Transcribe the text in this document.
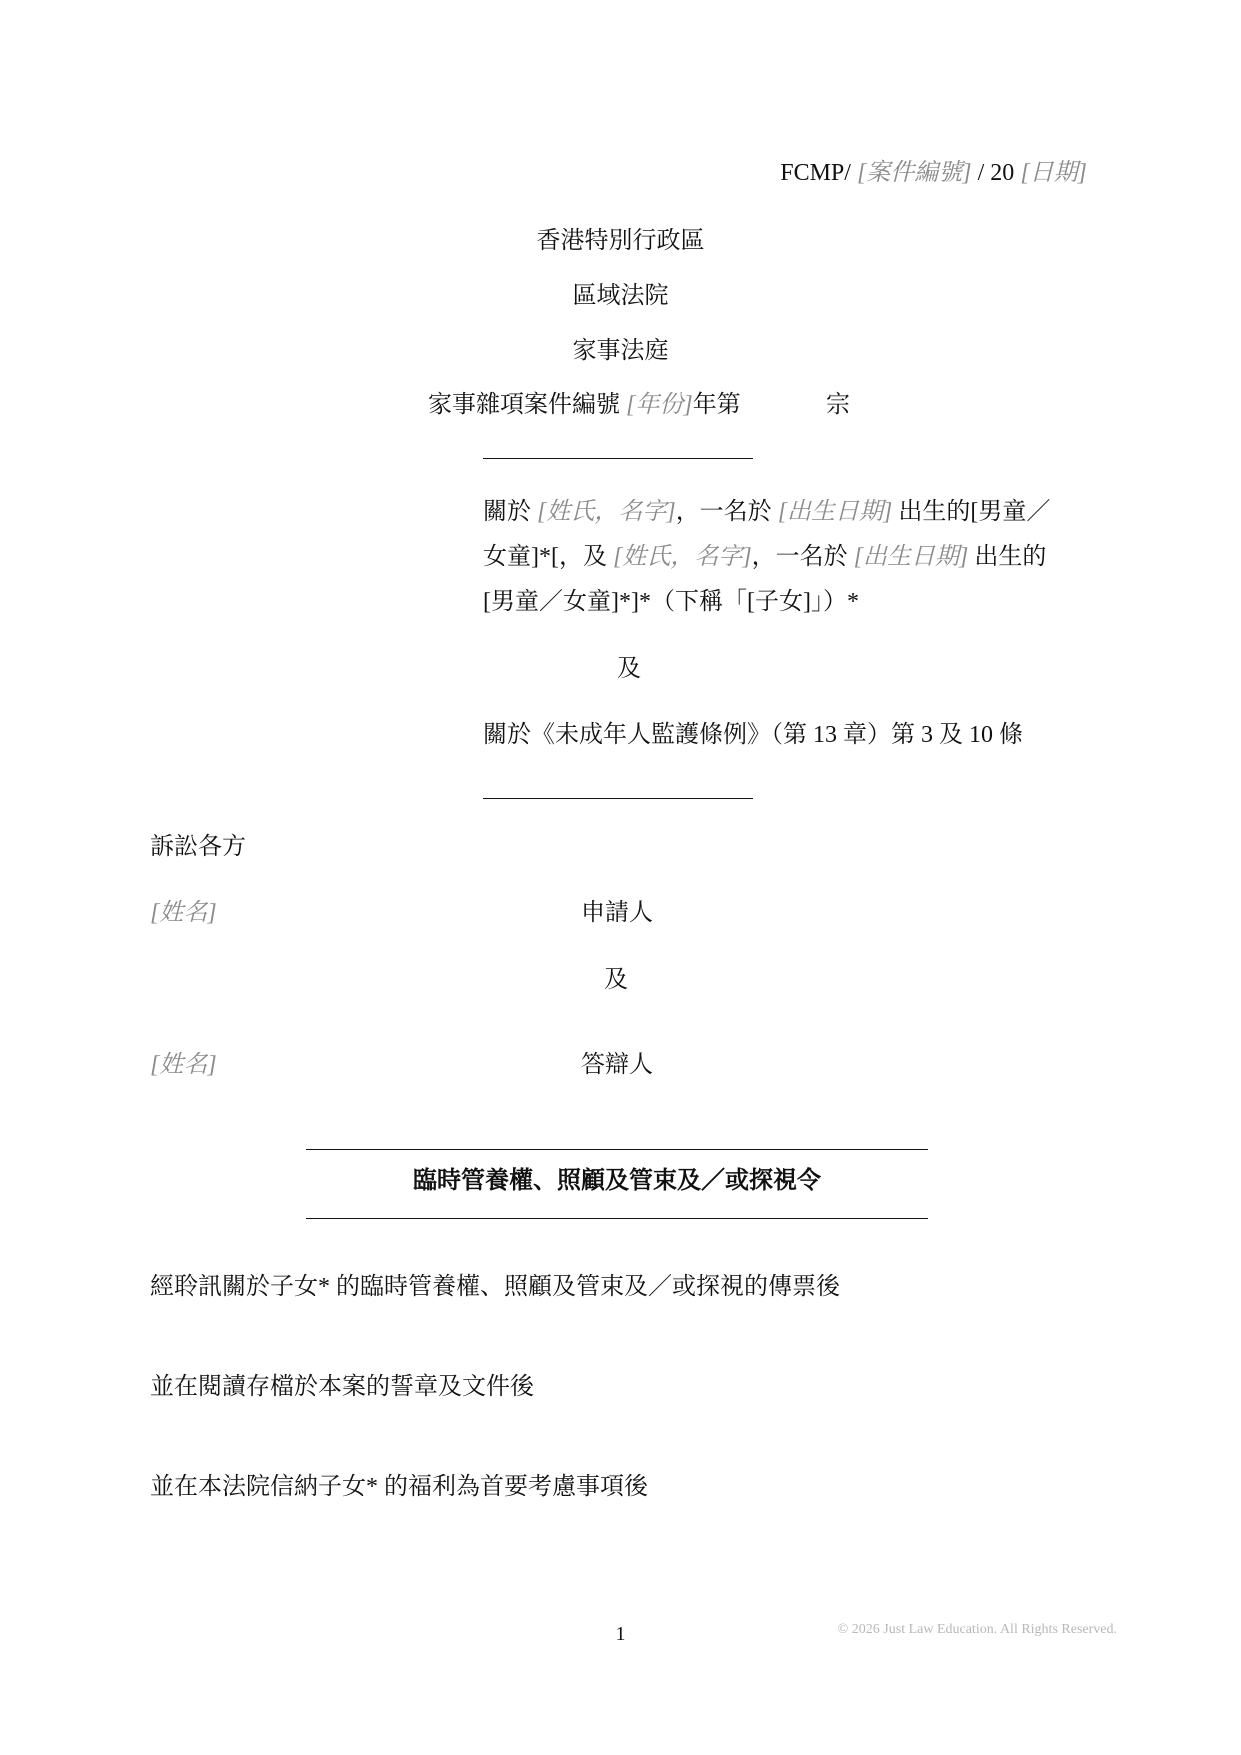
FCMP/ [案件編號] / 20 [日期]
香港特別行政區
區域法院
家事法庭
家事雜項案件編號 [年份]年第	宗
關於 [姓氏，名字]，一名於 [出生日期] 出生的[男童／
女童]*[，及 [姓氏，名字]，一名於 [出生日期] 出生的
[男童／女童]*]*（下稱「[子女]」）*
及
關於《未成年人監護條例》（第 13 章）第 3 及 10 條
訴訟各方
[姓名]	申請人
及
[姓名]	答辯人
臨時管養權、照顧及管束及／或探視令
經聆訊關於子女* 的臨時管養權、照顧及管束及／或探視的傳票後
並在閱讀存檔於本案的誓章及文件後
並在本法院信納子女* 的福利為首要考慮事項後
1	© 2026 Just Law Education. All Rights Reserved.
